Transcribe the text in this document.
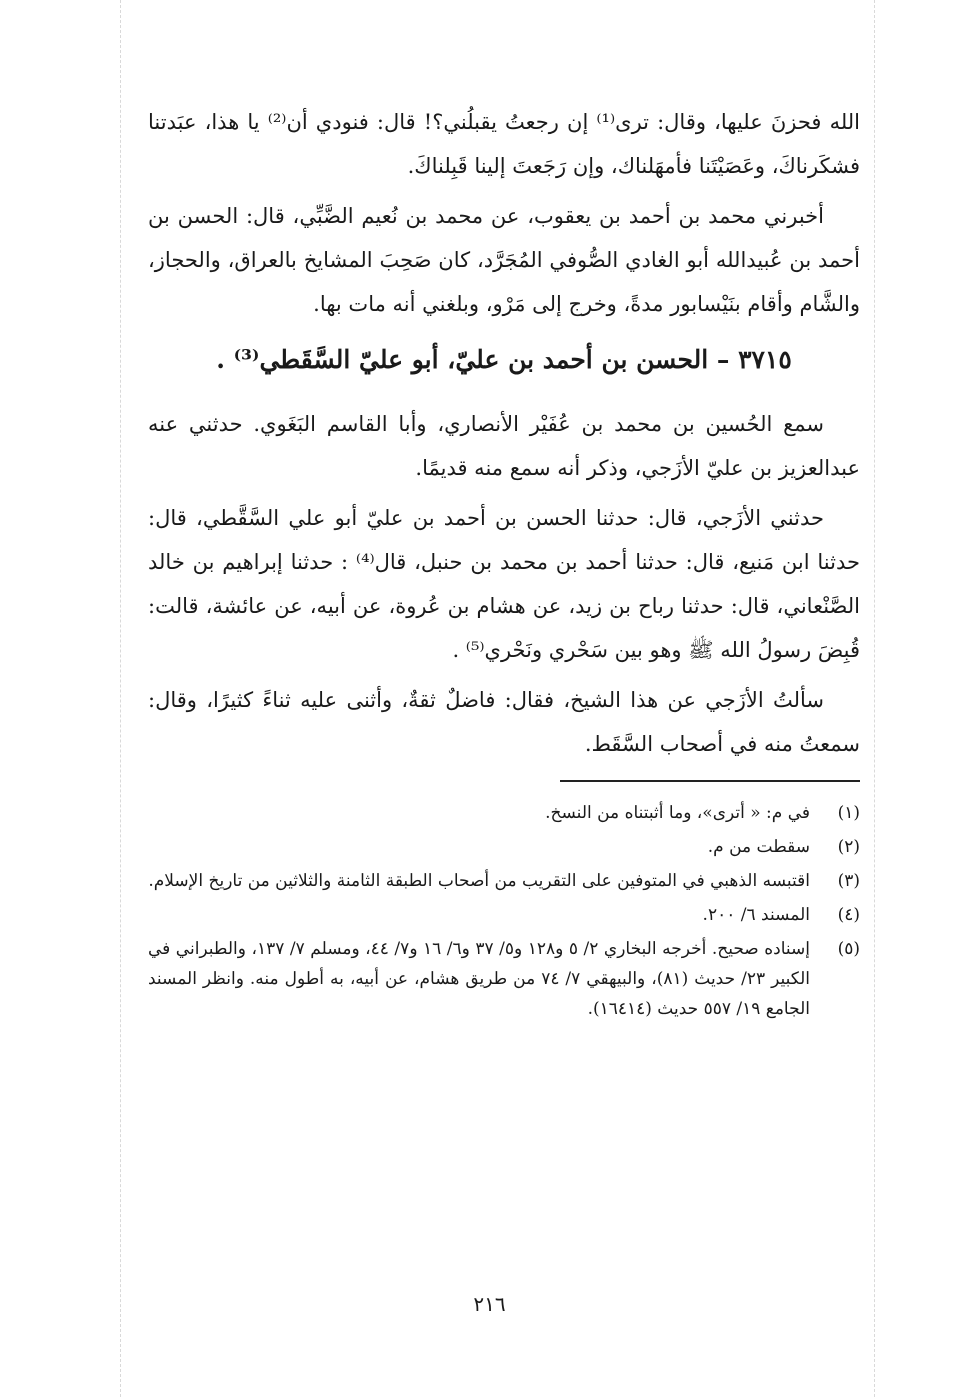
الله فحزنَ عليها، وقال: ترى⁽¹⁾ إن رجعتُ يقبلُني؟! قال: فنودي أن⁽²⁾ يا هذا، عبَدتنا فشكَرناكَ، وعَصَيْتَنا فأمهَلناك، وإن رَجَعتَ إلينا قَبِلناكَ.

أخبرني محمد بن أحمد بن يعقوب، عن محمد بن نُعيم الضَّبِّي، قال: الحسن بن أحمد بن عُبيدالله أبو الغادي الصُّوفي المُجَرَّد، كان صَحِبَ المشايخ بالعراق، والحجاز، والشَّام وأقام بنَيْسابور مدةً، وخرج إلى مَرْو، وبلغني أنه مات بها.

٣٧١٥ – الحسن بن أحمد بن عليّ، أبو عليّ السَّقَطي⁽³⁾ .

سمع الحُسين بن محمد بن عُفَيْر الأنصاري، وأبا القاسم البَغَوي. حدثني عنه عبدالعزيز بن عليّ الأزَجي، وذكر أنه سمع منه قديمًا.

حدثني الأزَجي، قال: حدثنا الحسن بن أحمد بن عليّ أبو علي السَّقَّطي، قال: حدثنا ابن مَنيع، قال: حدثنا أحمد بن محمد بن حنبل، قال⁽⁴⁾ : حدثنا إبراهيم بن خالد الصَّنْعاني، قال: حدثنا رباح بن زيد، عن هشام بن عُروة، عن أبيه، عن عائشة، قالت: قُبِضَ رسولُ الله ﷺ وهو بين سَحْري ونَحْري⁽⁵⁾ .

سألتُ الأزَجي عن هذا الشيخ، فقال: فاضلٌ ثقةٌ، وأثنى عليه ثناءً كثيرًا، وقال: سمعتُ منه في أصحاب السَّقَط.

(١)
في م: « أترى»، وما أثبتناه من النسخ.
(٢)
سقطت من م.
(٣)
اقتبسه الذهبي في المتوفين على التقريب من أصحاب الطبقة الثامنة والثلاثين من تاريخ الإسلام.
(٤)
المسند ٦/ ٢٠٠.
(٥)
إسناده صحيح. أخرجه البخاري ٢/ ٥ و١٢٨ و٥/ ٣٧ و٦/ ١٦ و٧/ ٤٤، ومسلم ٧/ ١٣٧، والطبراني في الكبير ٢٣/ حديث (٨١)، والبيهقي ٧/ ٧٤ من طريق هشام، عن أبيه، به أطول منه. وانظر المسند الجامع ١٩/ ٥٥٧ حديث (١٦٤١٤).
٢١٦
